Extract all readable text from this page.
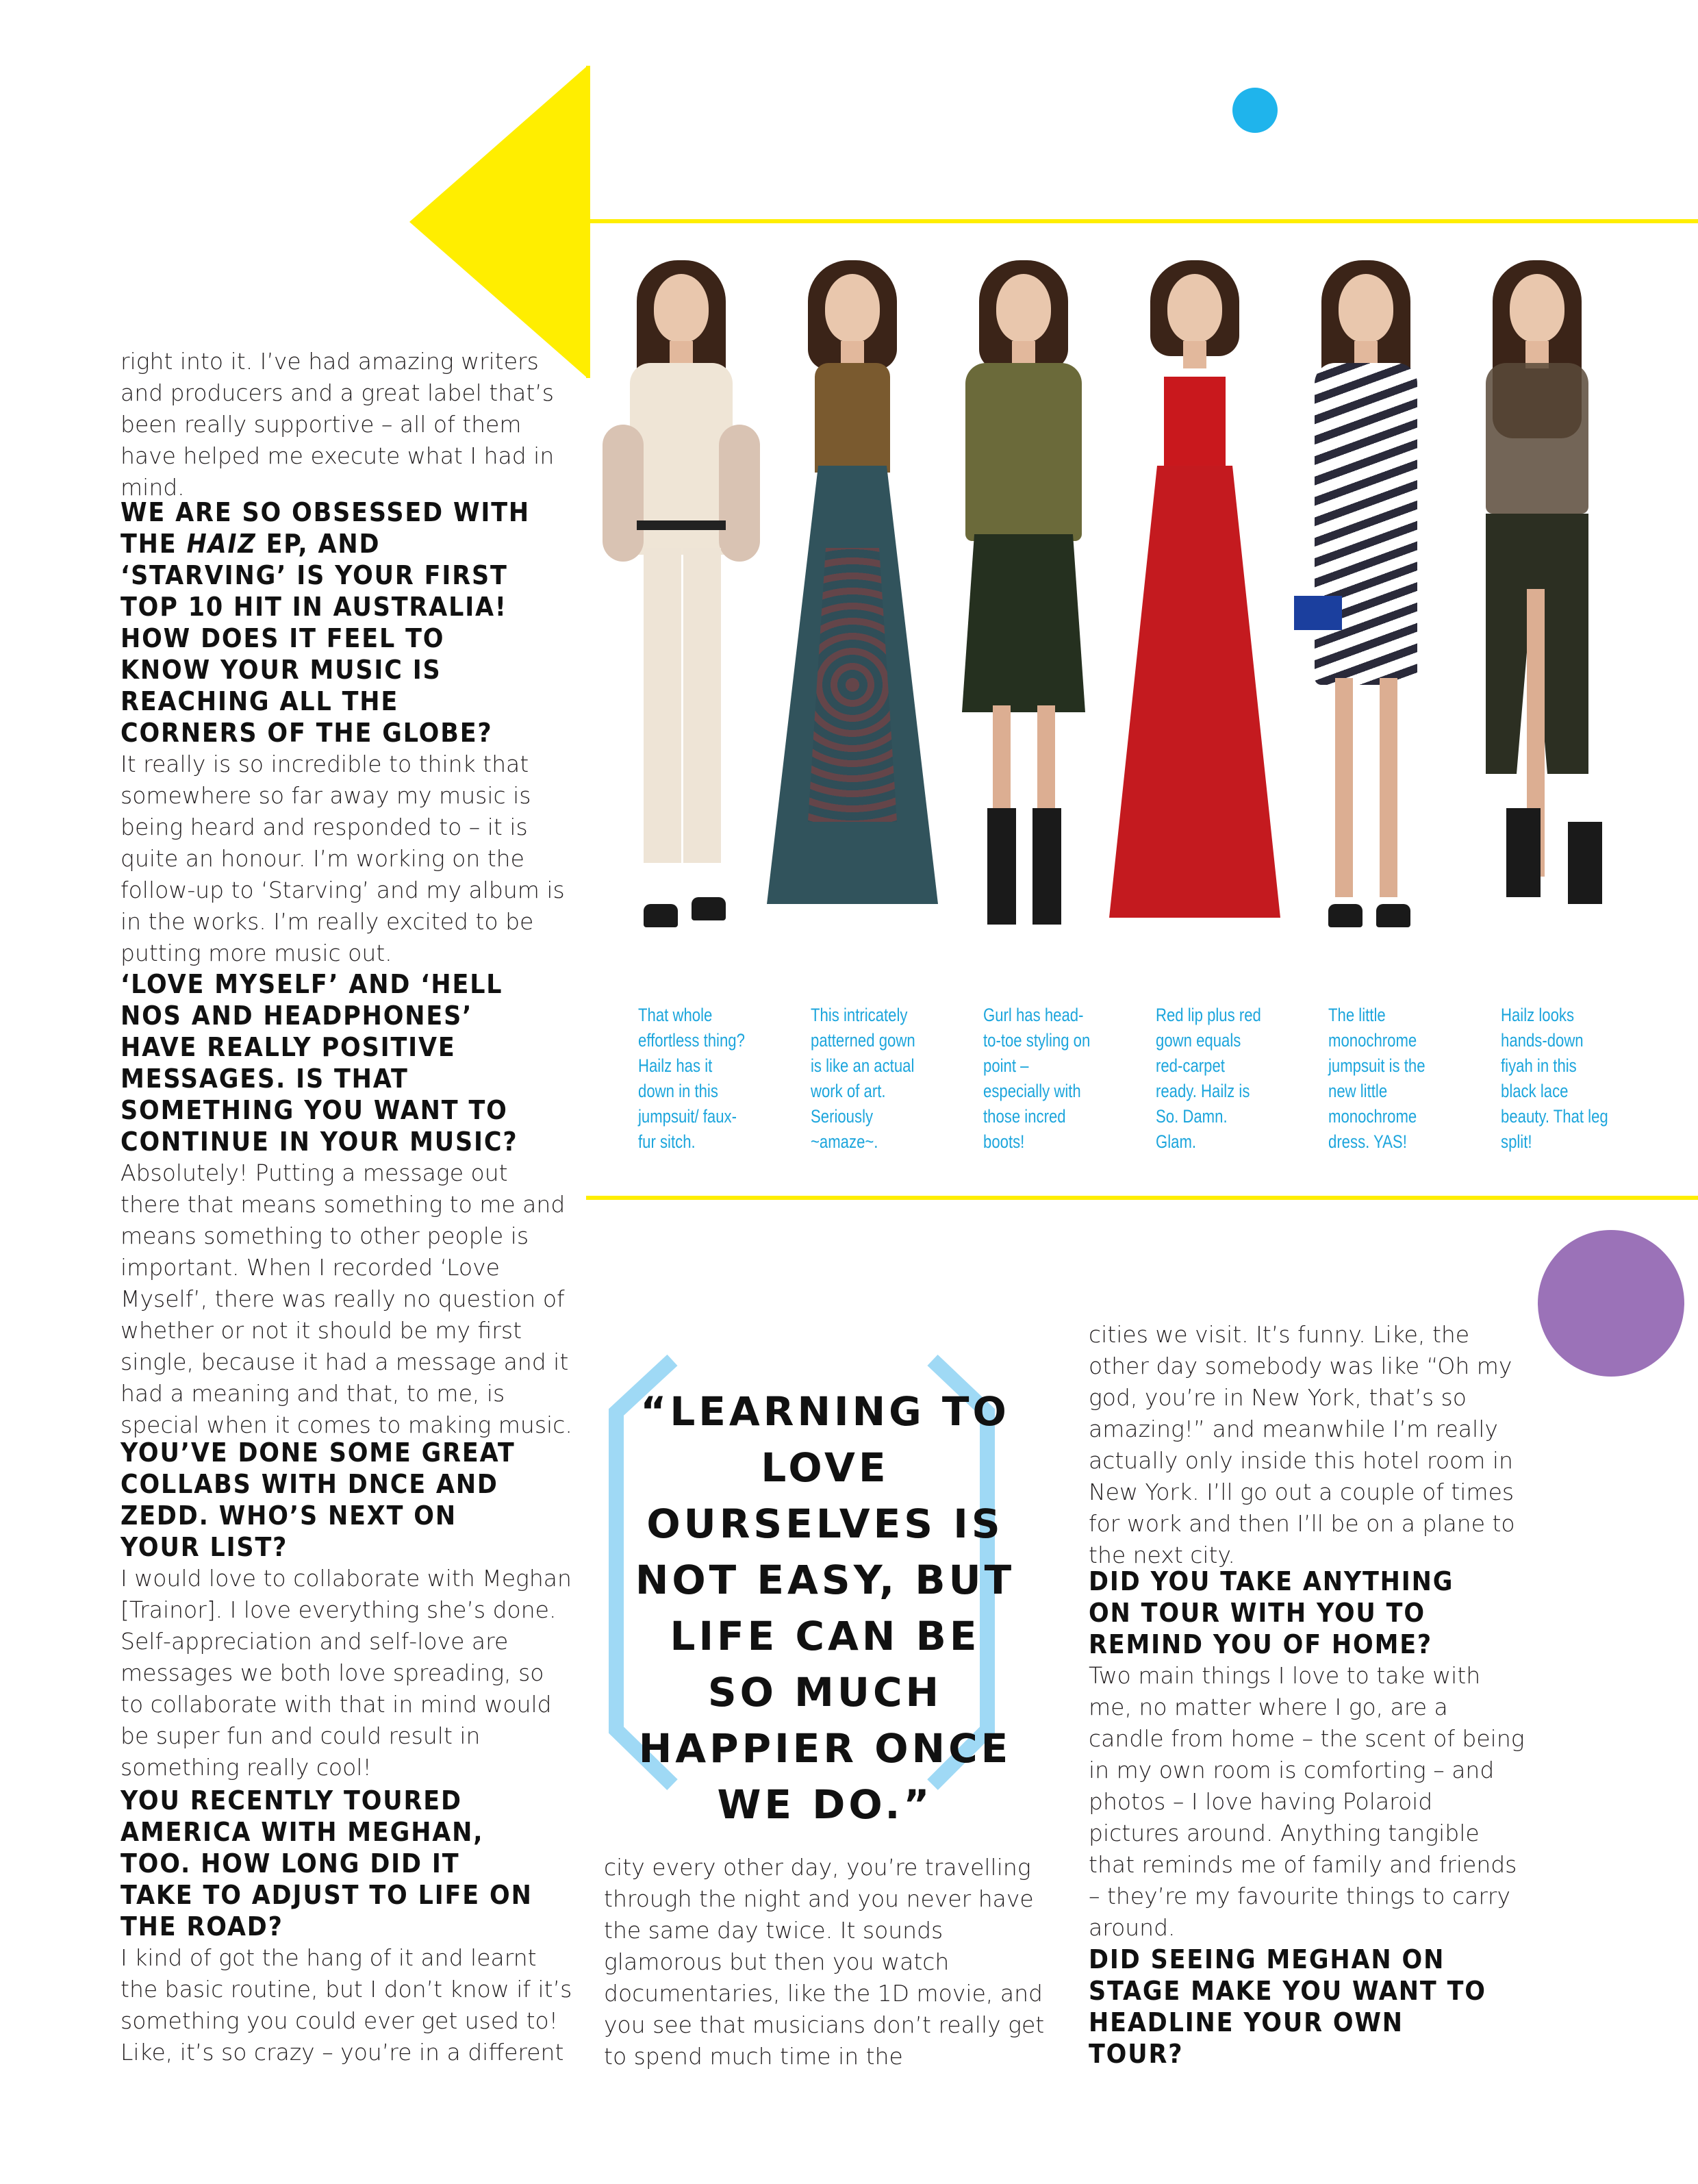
right into it. I’ve had amazing writers and producers and a great label that’s been really supportive – all of them have helped me execute what I had in mind.

WE ARE SO OBSESSED WITH THE HAIZ EP, AND ‘STARVING’ IS YOUR FIRST TOP 10 HIT IN AUSTRALIA! HOW DOES IT FEEL TO KNOW YOUR MUSIC IS REACHING ALL THE CORNERS OF THE GLOBE?

It really is so incredible to think that somewhere so far away my music is being heard and responded to – it is quite an honour. I’m working on the follow-up to ‘Starving’ and my album is in the works. I’m really excited to be putting more music out.

‘LOVE MYSELF’ AND ‘HELL NOS AND HEADPHONES’ HAVE REALLY POSITIVE MESSAGES. IS THAT SOMETHING YOU WANT TO CONTINUE IN YOUR MUSIC?

Absolutely! Putting a message out there that means something to me and means something to other people is important. When I recorded ‘Love Myself’, there was really no question of whether or not it should be my first single, because it had a message and it had a meaning and that, to me, is special when it comes to making music.

YOU’VE DONE SOME GREAT COLLABS WITH DNCE AND ZEDD. WHO’S NEXT ON YOUR LIST?

I would love to collaborate with Meghan [Trainor]. I love everything she’s done. Self-appreciation and self-love are messages we both love spreading, so to collaborate with that in mind would be super fun and could result in something really cool!

YOU RECENTLY TOURED AMERICA WITH MEGHAN, TOO. HOW LONG DID IT TAKE TO ADJUST TO LIFE ON THE ROAD?

I kind of got the hang of it and learnt the basic routine, but I don’t know if it’s something you could ever get used to! Like, it’s so crazy – you’re in a different

That whole effortless thing? Hailz has it down in this jumpsuit/ faux-fur sitch.
This intricately patterned gown is like an actual work of art. Seriously ~amaze~.
Gurl has head-to-toe styling on point – especially with those incred boots!
Red lip plus red gown equals red-carpet ready. Hailz is So. Damn. Glam.
The little monochrome jumpsuit is the new little monochrome dress. YAS!
Hailz looks hands-down fiyah in this black lace beauty. That leg split!
“LEARNING TO LOVE OURSELVES IS NOT EASY, BUT LIFE CAN BE SO MUCH HAPPIER ONCE WE DO.”

city every other day, you’re travelling through the night and you never have the same day twice. It sounds glamorous but then you watch documentaries, like the 1D movie, and you see that musicians don’t really get to spend much time in the

cities we visit. It’s funny. Like, the other day somebody was like “Oh my god, you’re in New York, that’s so amazing!” and meanwhile I’m really actually only inside this hotel room in New York. I’ll go out a couple of times for work and then I’ll be on a plane to the next city.

DID YOU TAKE ANYTHING ON TOUR WITH YOU TO REMIND YOU OF HOME?

Two main things I love to take with me, no matter where I go, are a candle from home – the scent of being in my own room is comforting – and photos – I love having Polaroid pictures around. Anything tangible that reminds me of family and friends – they’re my favourite things to carry around.

DID SEEING MEGHAN ON STAGE MAKE YOU WANT TO HEADLINE YOUR OWN TOUR?
